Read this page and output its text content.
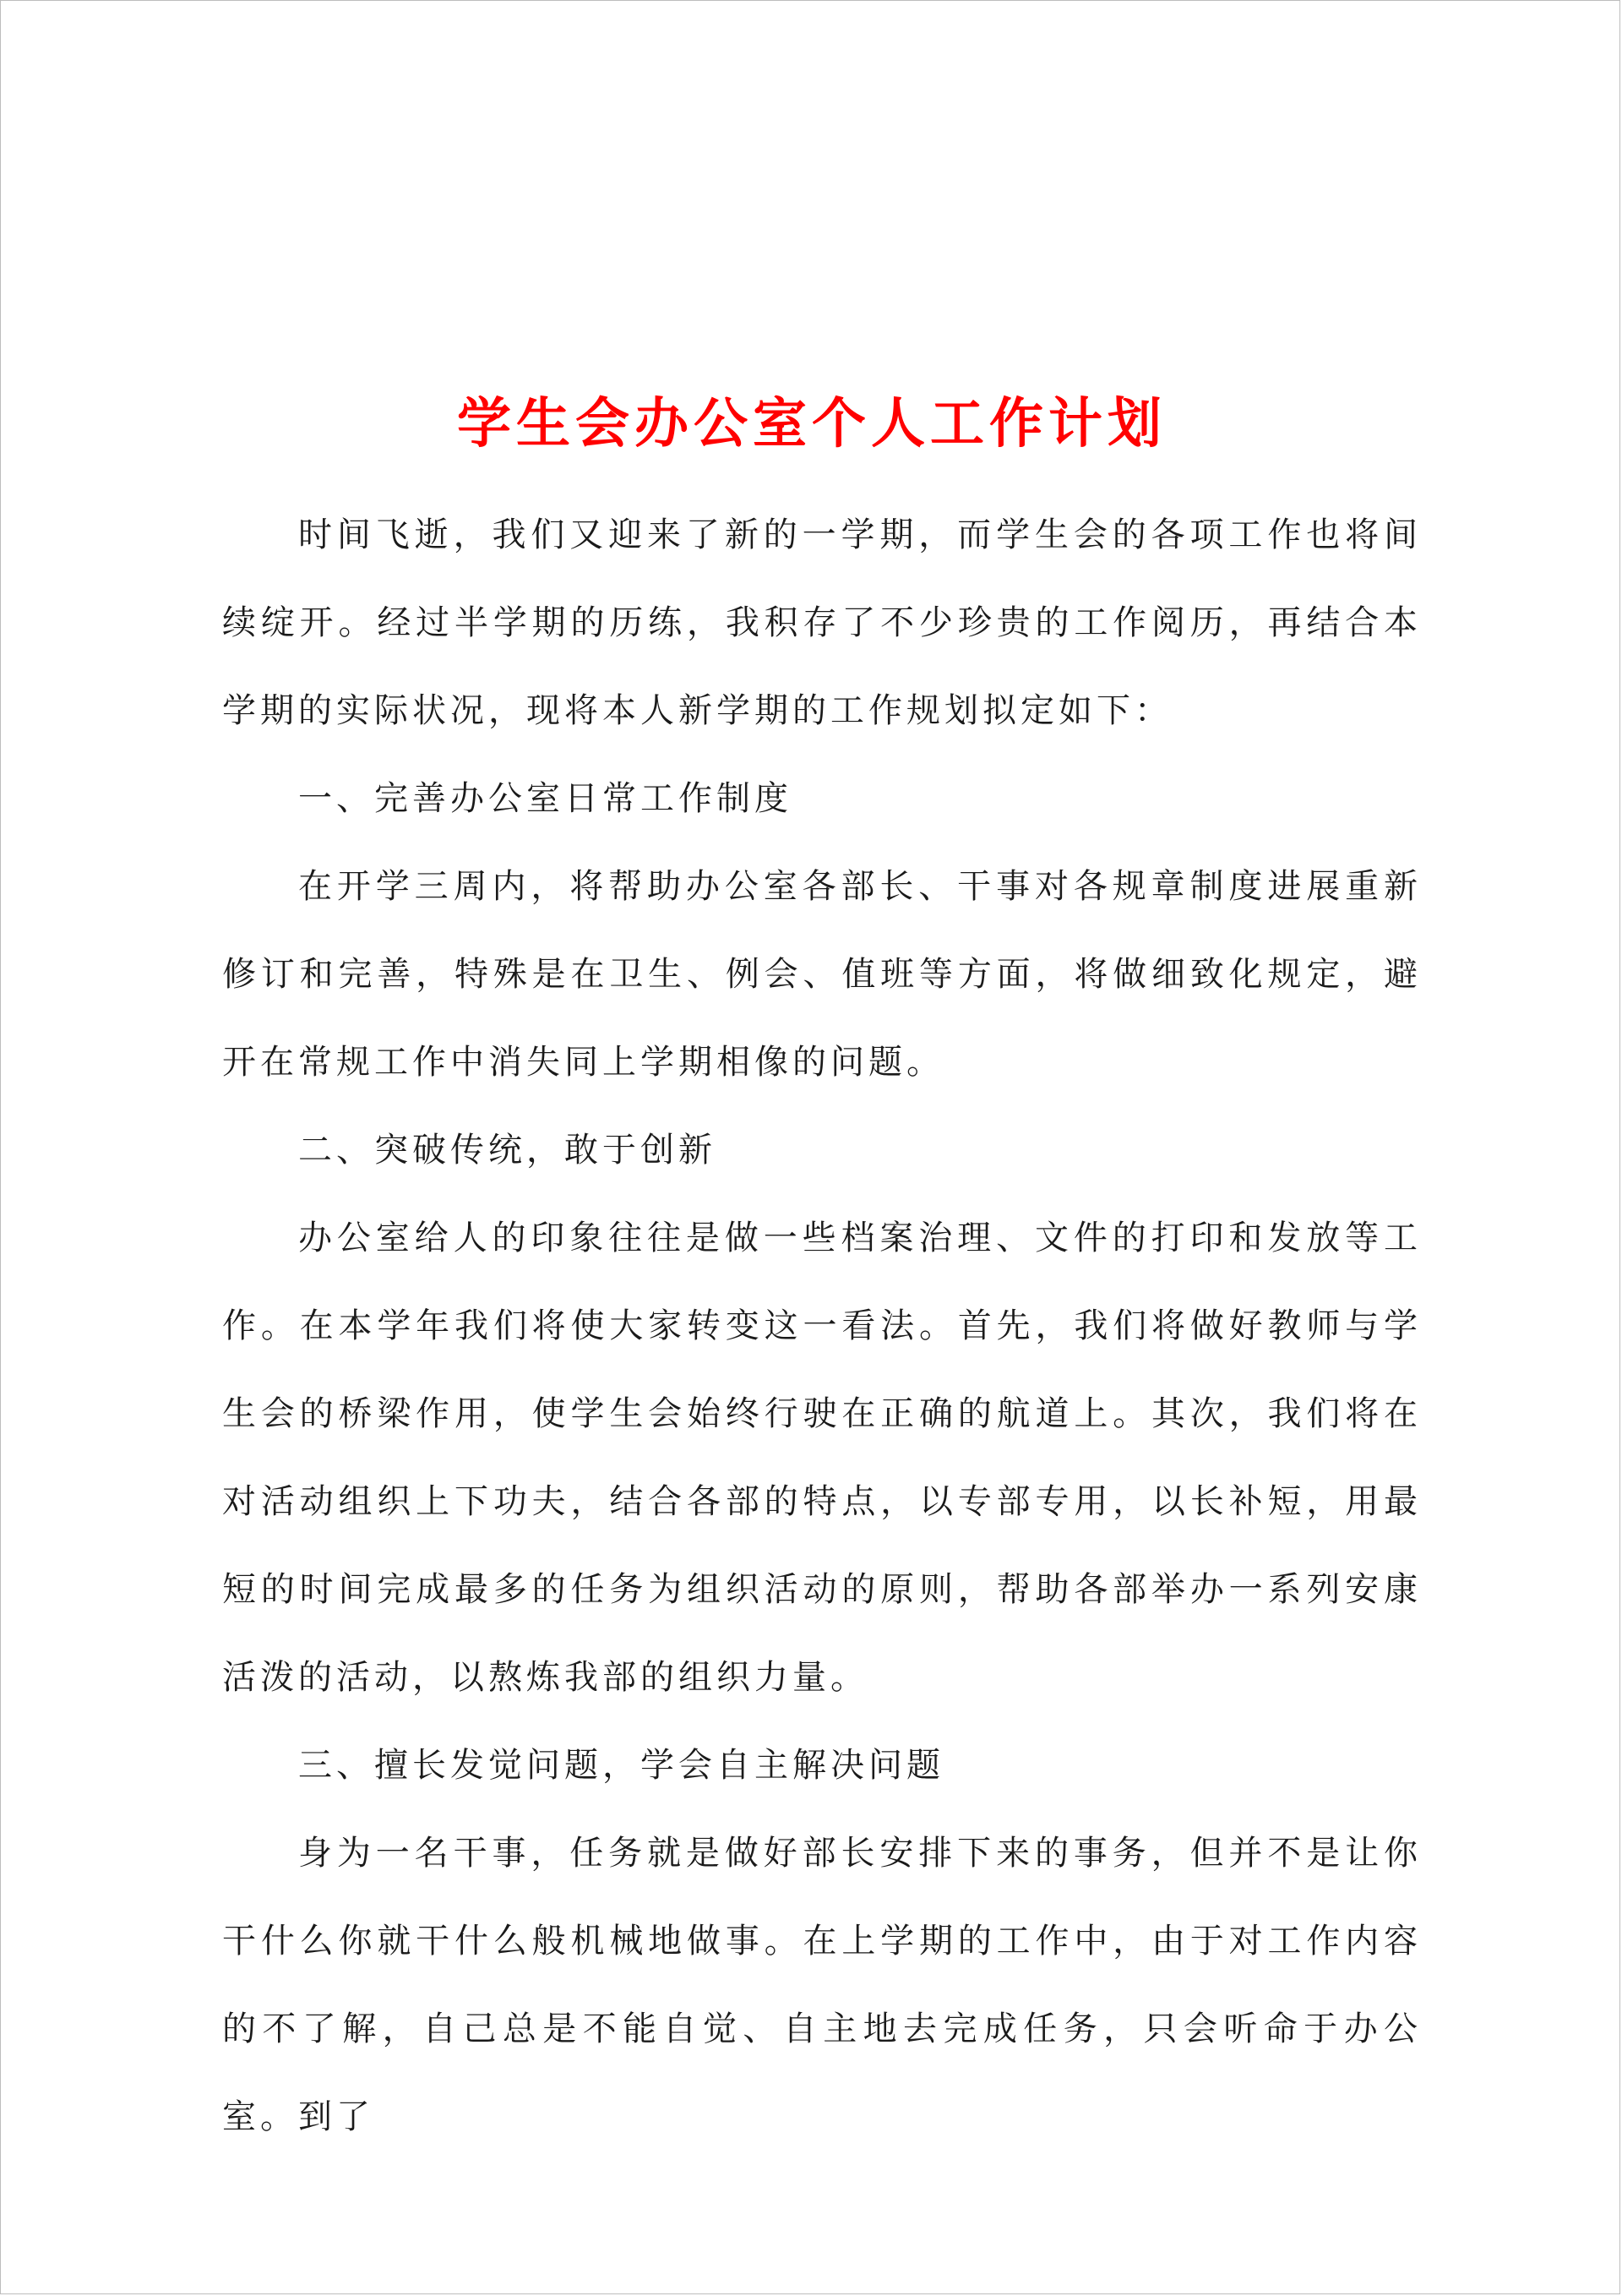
学生会办公室个人工作计划

时间飞逝，我们又迎来了新的一学期，而学生会的各项工作也将间续绽开。经过半学期的历练，我积存了不少珍贵的工作阅历，再结合本学期的实际状况，现将本人新学期的工作规划拟定如下：

一、完善办公室日常工作制度

在开学三周内，将帮助办公室各部长、干事对各规章制度进展重新修订和完善，特殊是在卫生、例会、值班等方面，将做细致化规定，避开在常规工作中消失同上学期相像的问题。

二、突破传统，敢于创新

办公室给人的印象往往是做一些档案治理、文件的打印和发放等工作。在本学年我们将使大家转变这一看法。首先，我们将做好教师与学生会的桥梁作用，使学生会始终行驶在正确的航道上。其次，我们将在对活动组织上下功夫，结合各部的特点，以专部专用，以长补短，用最短的时间完成最多的任务为组织活动的原则，帮助各部举办一系列安康活泼的活动，以熬炼我部的组织力量。

三、擅长发觉问题，学会自主解决问题

身为一名干事，任务就是做好部长安排下来的事务，但并不是让你干什么你就干什么般机械地做事。在上学期的工作中，由于对工作内容的不了解，自己总是不能自觉、自主地去完成任务，只会听命于办公室。到了
